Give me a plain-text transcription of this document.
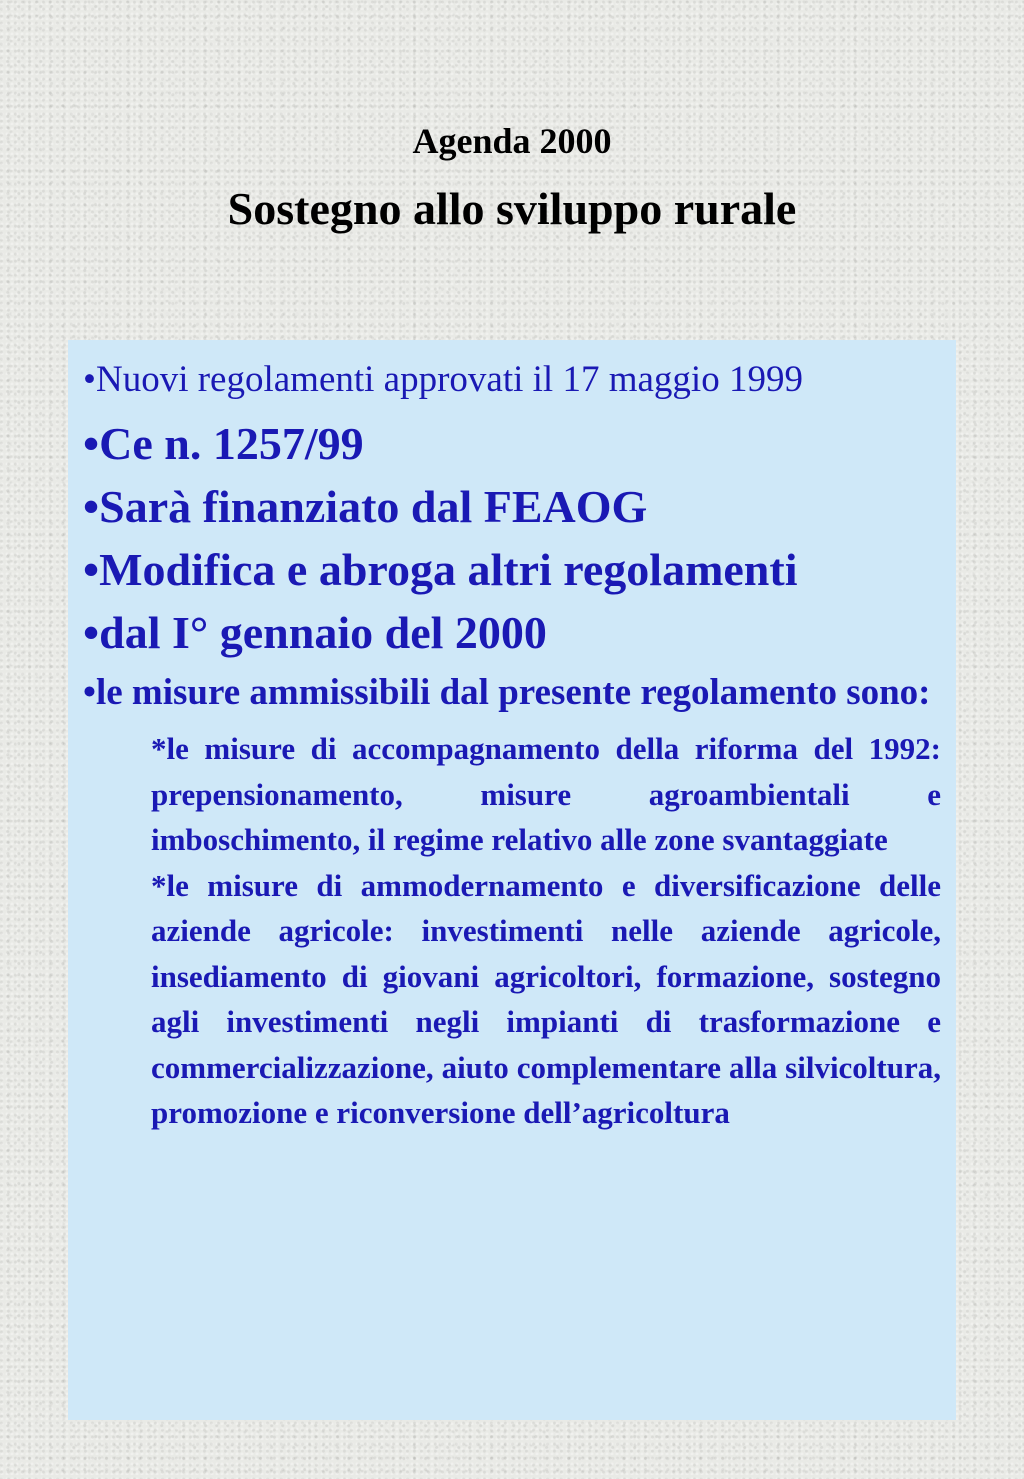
Agenda 2000
Sostegno allo sviluppo rurale

•Nuovi regolamenti approvati il 17 maggio 1999

•Ce n. 1257/99

•Sarà finanziato dal FEAOG

•Modifica e abroga altri regolamenti

•dal I° gennaio del 2000

•le misure ammissibili dal presente regolamento sono:

*le misure di accompagnamento della riforma del 1992: prepensionamento, misure agroambientali e imboschimento, il regime relativo alle zone svantaggiate

*le misure di ammodernamento e diversificazione delle aziende agricole: investimenti nelle aziende agricole, insediamento di giovani agricoltori, formazione, sostegno agli investimenti negli impianti di trasformazione e commercializzazione, aiuto complementare alla silvicoltura, promozione e riconversione dell’agricoltura
